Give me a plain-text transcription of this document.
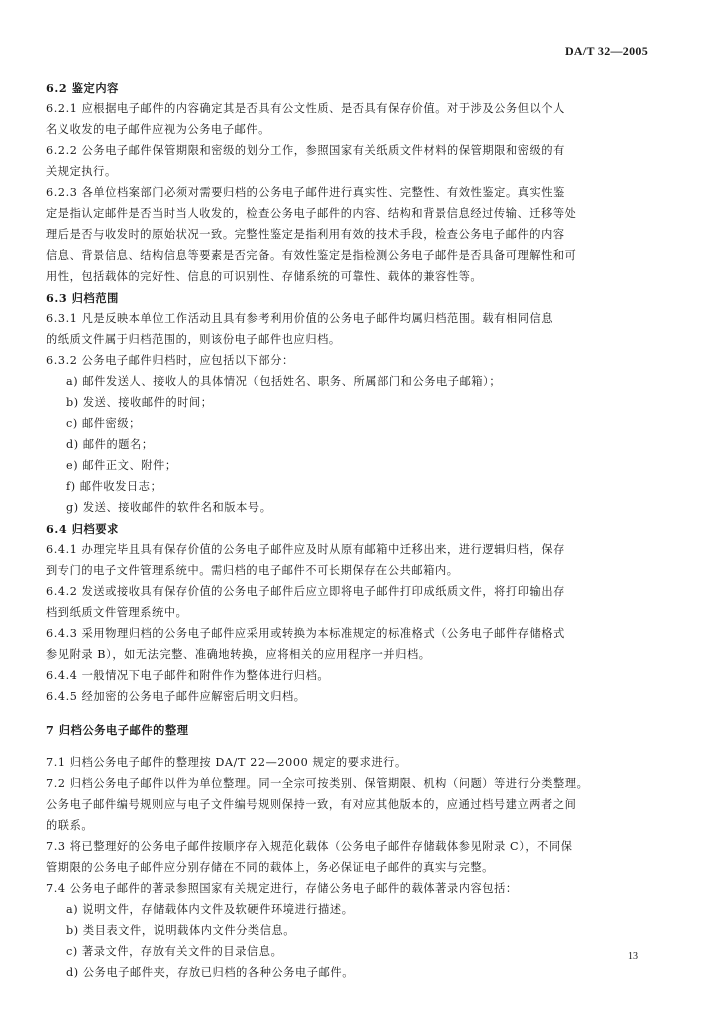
DA/T 32—2005
6.2 鉴定内容
6.2.1 应根据电子邮件的内容确定其是否具有公文性质、是否具有保存价值。对于涉及公务但以个人
名义收发的电子邮件应视为公务电子邮件。
6.2.2 公务电子邮件保管期限和密级的划分工作，参照国家有关纸质文件材料的保管期限和密级的有
关规定执行。
6.2.3 各单位档案部门必须对需要归档的公务电子邮件进行真实性、完整性、有效性鉴定。真实性鉴
定是指认定邮件是否当时当人收发的，检查公务电子邮件的内容、结构和背景信息经过传输、迁移等处
理后是否与收发时的原始状况一致。完整性鉴定是指利用有效的技术手段，检查公务电子邮件的内容
信息、背景信息、结构信息等要素是否完备。有效性鉴定是指检测公务电子邮件是否具备可理解性和可
用性，包括载体的完好性、信息的可识别性、存储系统的可靠性、载体的兼容性等。
6.3 归档范围
6.3.1 凡是反映本单位工作活动且具有参考利用价值的公务电子邮件均属归档范围。载有相同信息
的纸质文件属于归档范围的，则该份电子邮件也应归档。
6.3.2 公务电子邮件归档时，应包括以下部分：
a) 邮件发送人、接收人的具体情况（包括姓名、职务、所属部门和公务电子邮箱）；
b) 发送、接收邮件的时间；
c) 邮件密级；
d) 邮件的题名；
e) 邮件正文、附件；
f) 邮件收发日志；
g) 发送、接收邮件的软件名和版本号。
6.4 归档要求
6.4.1 办理完毕且具有保存价值的公务电子邮件应及时从原有邮箱中迁移出来，进行逻辑归档，保存
到专门的电子文件管理系统中。需归档的电子邮件不可长期保存在公共邮箱内。
6.4.2 发送或接收具有保存价值的公务电子邮件后应立即将电子邮件打印成纸质文件，将打印输出存
档到纸质文件管理系统中。
6.4.3 采用物理归档的公务电子邮件应采用或转换为本标准规定的标准格式（公务电子邮件存储格式
参见附录 B），如无法完整、准确地转换，应将相关的应用程序一并归档。
6.4.4 一般情况下电子邮件和附件作为整体进行归档。
6.4.5 经加密的公务电子邮件应解密后明文归档。
7 归档公务电子邮件的整理
7.1 归档公务电子邮件的整理按 DA/T 22—2000 规定的要求进行。
7.2 归档公务电子邮件以件为单位整理。同一全宗可按类别、保管期限、机构（问题）等进行分类整理。
公务电子邮件编号规则应与电子文件编号规则保持一致，有对应其他版本的，应通过档号建立两者之间
的联系。
7.3 将已整理好的公务电子邮件按顺序存入规范化载体（公务电子邮件存储载体参见附录 C），不同保
管期限的公务电子邮件应分别存储在不同的载体上，务必保证电子邮件的真实与完整。
7.4 公务电子邮件的著录参照国家有关规定进行，存储公务电子邮件的载体著录内容包括：
a) 说明文件，存储载体内文件及软硬件环境进行描述。
b) 类目表文件，说明载体内文件分类信息。
c) 著录文件，存放有关文件的目录信息。
d) 公务电子邮件夹，存放已归档的各种公务电子邮件。
13
